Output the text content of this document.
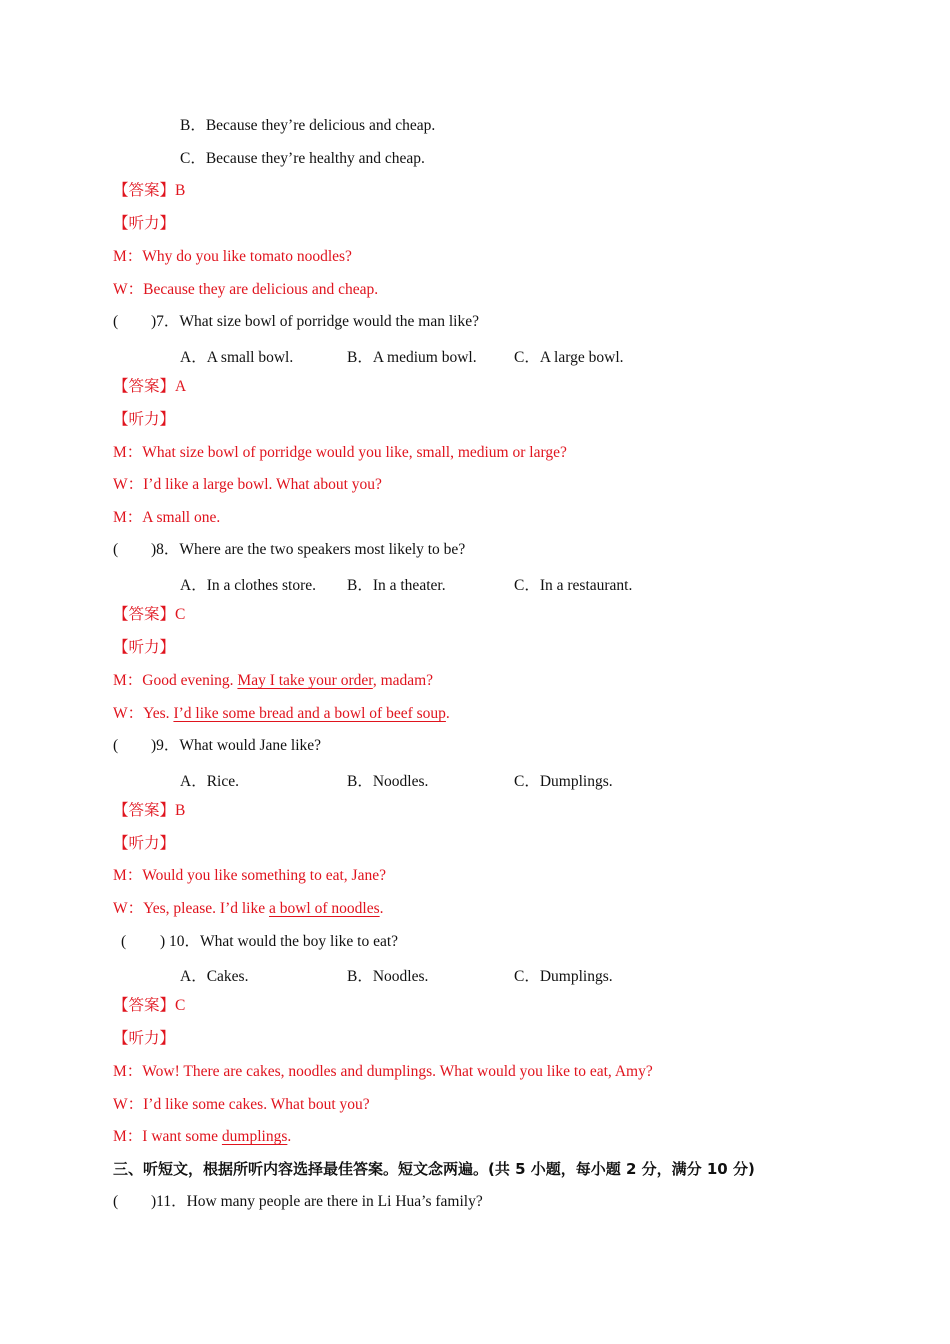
B．Because they’re delicious and cheap.
C．Because they’re healthy and cheap.
【答案】B
【听力】
M：Why do you like tomato noodles?
W：Because they are delicious and cheap.
( )7．What size bowl of porridge would the man like?
A．A small bowl.	B．A medium bowl. C．A large bowl.
【答案】A
【听力】
M：What size bowl of porridge would you like, small, medium or large?
W：I’d like a large bowl. What about you?
M：A small one.
( )8．Where are the two speakers most likely to be?
A．In a clothes store. B．In a theater.	C．In a restaurant.
【答案】C
【听力】
M：Good evening. May I take your order, madam?
W：Yes. I’d like some bread and a bowl of beef soup.
( )9．What would Jane like?
A．Rice.	B．Noodles.	C．Dumplings.
【答案】B
【听力】
M：Would you like something to eat, Jane?
W：Yes, please. I’d like a bowl of noodles.
( ) 10．What would the boy like to eat?
A．Cakes.	B．Noodles.	C．Dumplings.
【答案】C
【听力】
M：Wow! There are cakes, noodles and dumplings. What would you like to eat, Amy?
W：I’d like some cakes. What bout you?
M：I want some dumplings.
三、听短文，根据所听内容选择最佳答案。短文念两遍。(共 5 小题，每小题 2 分，满分 10 分)
( )11．How many people are there in Li Hua’s family?
